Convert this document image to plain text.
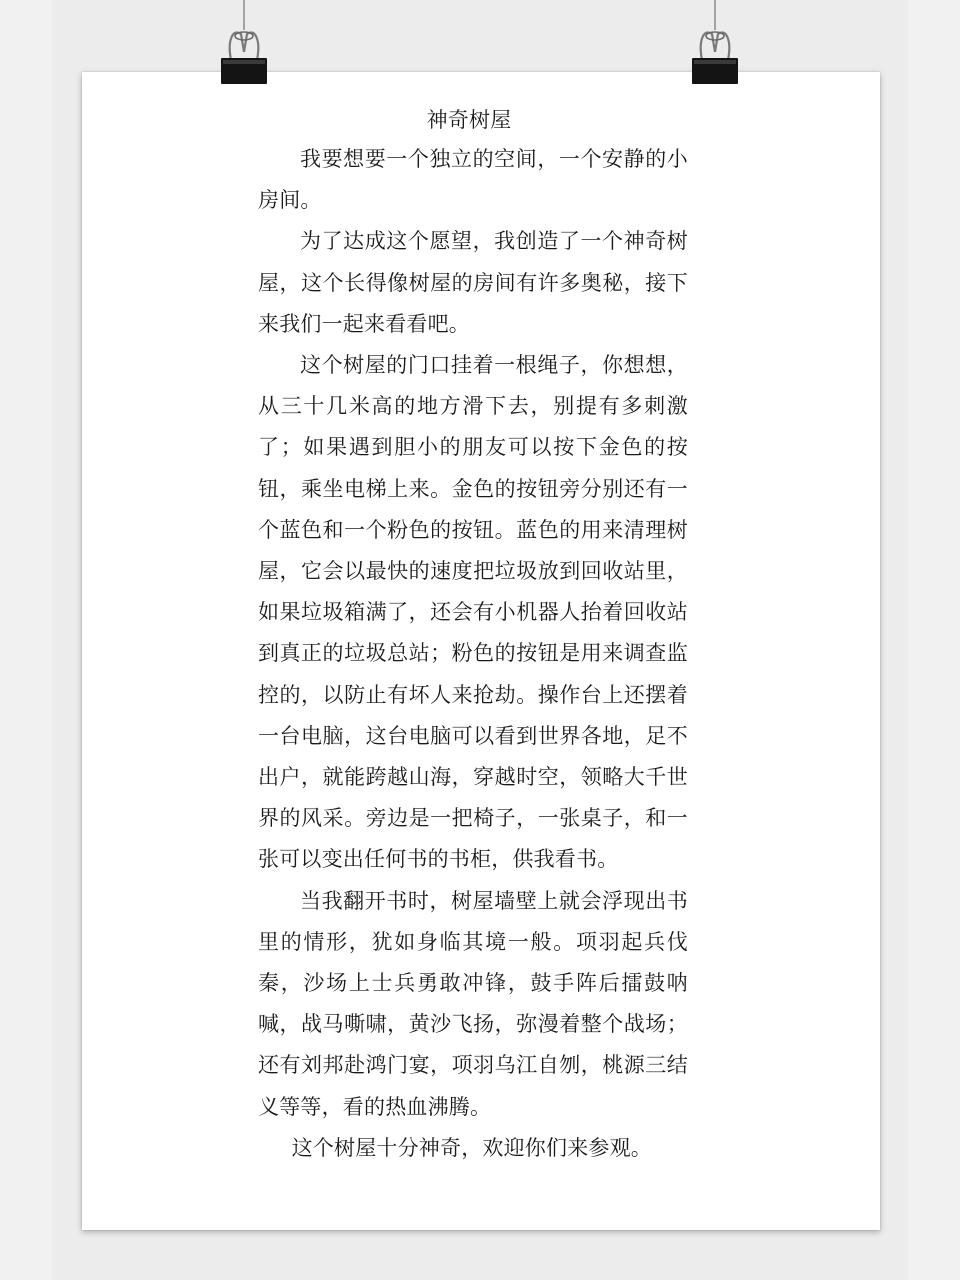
神奇树屋

我要想要一个独立的空间，一个安静的小房间。

为了达成这个愿望，我创造了一个神奇树屋，这个长得像树屋的房间有许多奥秘，接下来我们一起来看看吧。

这个树屋的门口挂着一根绳子，你想想，从三十几米高的地方滑下去，别提有多刺激了；如果遇到胆小的朋友可以按下金色的按钮，乘坐电梯上来。金色的按钮旁分别还有一个蓝色和一个粉色的按钮。蓝色的用来清理树屋，它会以最快的速度把垃圾放到回收站里，如果垃圾箱满了，还会有小机器人抬着回收站到真正的垃圾总站；粉色的按钮是用来调查监控的，以防止有坏人来抢劫。操作台上还摆着一台电脑，这台电脑可以看到世界各地，足不出户，就能跨越山海，穿越时空，领略大千世界的风采。旁边是一把椅子，一张桌子，和一张可以变出任何书的书柜，供我看书。

当我翻开书时，树屋墙壁上就会浮现出书里的情形，犹如身临其境一般。项羽起兵伐秦，沙场上士兵勇敢冲锋，鼓手阵后擂鼓呐喊，战马嘶啸，黄沙飞扬，弥漫着整个战场；还有刘邦赴鸿门宴，项羽乌江自刎，桃源三结义等等，看的热血沸腾。

这个树屋十分神奇，欢迎你们来参观。
